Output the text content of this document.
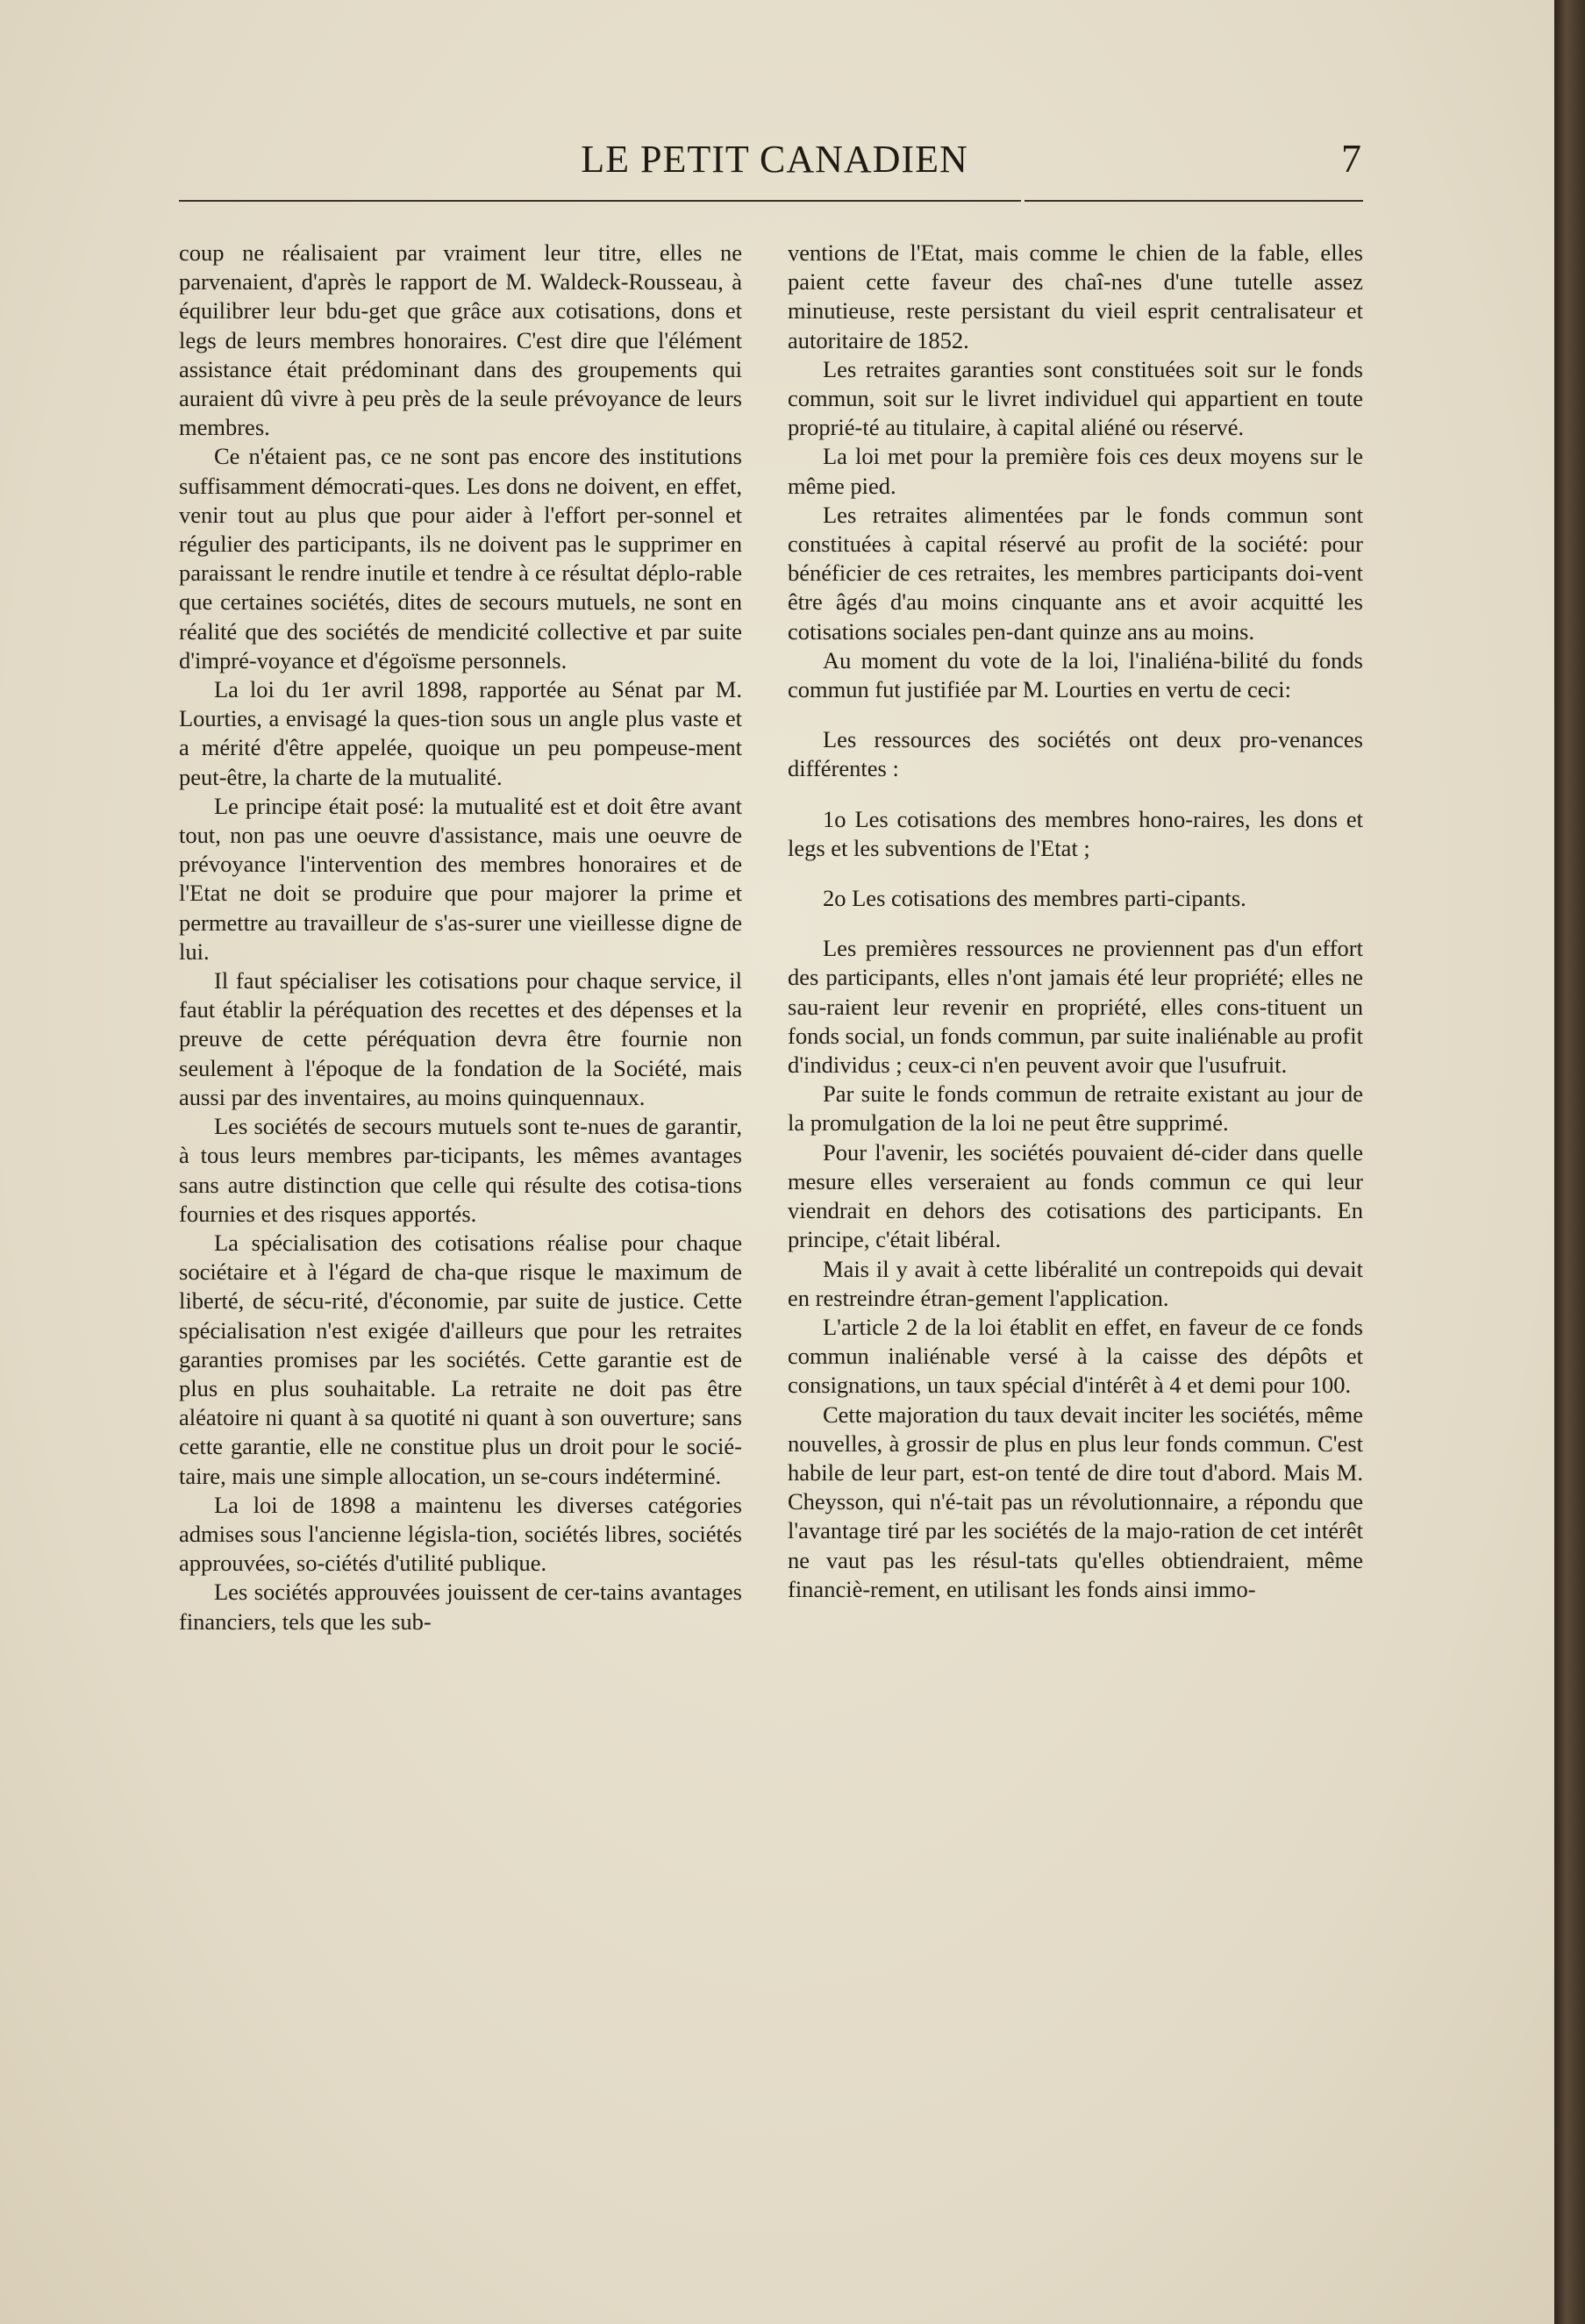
LE PETIT CANADIEN	7

coup ne réalisaient par vraiment leur titre, elles ne parvenaient, d'après le rapport de M. Waldeck-Rousseau, à équilibrer leur bdu-get que grâce aux cotisations, dons et legs de leurs membres honoraires. C'est dire que l'élément assistance était prédominant dans des groupements qui auraient dû vivre à peu près de la seule prévoyance de leurs membres.

Ce n'étaient pas, ce ne sont pas encore des institutions suffisamment démocrati-ques. Les dons ne doivent, en effet, venir tout au plus que pour aider à l'effort per-sonnel et régulier des participants, ils ne doivent pas le supprimer en paraissant le rendre inutile et tendre à ce résultat déplo-rable que certaines sociétés, dites de secours mutuels, ne sont en réalité que des sociétés de mendicité collective et par suite d'impré-voyance et d'égoïsme personnels.

La loi du 1er avril 1898, rapportée au Sénat par M. Lourties, a envisagé la ques-tion sous un angle plus vaste et a mérité d'être appelée, quoique un peu pompeuse-ment peut-être, la charte de la mutualité.

Le principe était posé: la mutualité est et doit être avant tout, non pas une oeuvre d'assistance, mais une oeuvre de prévoyance l'intervention des membres honoraires et de l'Etat ne doit se produire que pour majorer la prime et permettre au travailleur de s'as-surer une vieillesse digne de lui.

Il faut spécialiser les cotisations pour chaque service, il faut établir la péréquation des recettes et des dépenses et la preuve de cette péréquation devra être fournie non seulement à l'époque de la fondation de la Société, mais aussi par des inventaires, au moins quinquennaux.

Les sociétés de secours mutuels sont te-nues de garantir, à tous leurs membres par-ticipants, les mêmes avantages sans autre distinction que celle qui résulte des cotisa-tions fournies et des risques apportés.

La spécialisation des cotisations réalise pour chaque sociétaire et à l'égard de cha-que risque le maximum de liberté, de sécu-rité, d'économie, par suite de justice. Cette spécialisation n'est exigée d'ailleurs que pour les retraites garanties promises par les sociétés. Cette garantie est de plus en plus souhaitable. La retraite ne doit pas être aléatoire ni quant à sa quotité ni quant à son ouverture; sans cette garantie, elle ne constitue plus un droit pour le socié-taire, mais une simple allocation, un se-cours indéterminé.

La loi de 1898 a maintenu les diverses catégories admises sous l'ancienne législa-tion, sociétés libres, sociétés approuvées, so-ciétés d'utilité publique.

Les sociétés approuvées jouissent de cer-tains avantages financiers, tels que les sub-

ventions de l'Etat, mais comme le chien de la fable, elles paient cette faveur des chaî-nes d'une tutelle assez minutieuse, reste persistant du vieil esprit centralisateur et autoritaire de 1852.

Les retraites garanties sont constituées soit sur le fonds commun, soit sur le livret individuel qui appartient en toute proprié-té au titulaire, à capital aliéné ou réservé.

La loi met pour la première fois ces deux moyens sur le même pied.

Les retraites alimentées par le fonds commun sont constituées à capital réservé au profit de la société: pour bénéficier de ces retraites, les membres participants doi-vent être âgés d'au moins cinquante ans et avoir acquitté les cotisations sociales pen-dant quinze ans au moins.

Au moment du vote de la loi, l'inaliéna-bilité du fonds commun fut justifiée par M. Lourties en vertu de ceci:

Les ressources des sociétés ont deux pro-venances différentes :

1o Les cotisations des membres hono-raires, les dons et legs et les subventions de l'Etat ;

2o Les cotisations des membres parti-cipants.

Les premières ressources ne proviennent pas d'un effort des participants, elles n'ont jamais été leur propriété; elles ne sau-raient leur revenir en propriété, elles cons-tituent un fonds social, un fonds commun, par suite inaliénable au profit d'individus ; ceux-ci n'en peuvent avoir que l'usufruit.

Par suite le fonds commun de retraite existant au jour de la promulgation de la loi ne peut être supprimé.

Pour l'avenir, les sociétés pouvaient dé-cider dans quelle mesure elles verseraient au fonds commun ce qui leur viendrait en dehors des cotisations des participants. En principe, c'était libéral.

Mais il y avait à cette libéralité un contrepoids qui devait en restreindre étran-gement l'application.

L'article 2 de la loi établit en effet, en faveur de ce fonds commun inaliénable versé à la caisse des dépôts et consignations, un taux spécial d'intérêt à 4 et demi pour 100.

Cette majoration du taux devait inciter les sociétés, même nouvelles, à grossir de plus en plus leur fonds commun. C'est habile de leur part, est-on tenté de dire tout d'abord. Mais M. Cheysson, qui n'é-tait pas un révolutionnaire, a répondu que l'avantage tiré par les sociétés de la majo-ration de cet intérêt ne vaut pas les résul-tats qu'elles obtiendraient, même financiè-rement, en utilisant les fonds ainsi immo-
